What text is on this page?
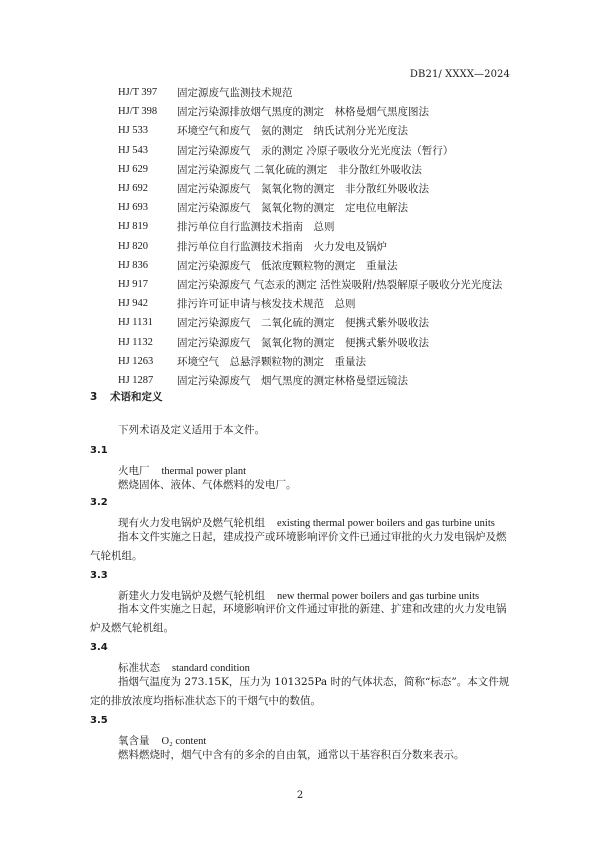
DB21/ XXXX—2024
HJ/T 397	固定源废气监测技术规范
HJ/T 398	固定污染源排放烟气黑度的测定　林格曼烟气黑度图法
HJ 533	环境空气和废气　氨的测定　纳氏试剂分光光度法
HJ 543	固定污染源废气　汞的测定 冷原子吸收分光光度法（暂行）
HJ 629	固定污染源废气 二氧化硫的测定　非分散红外吸收法
HJ 692	固定污染源废气　氮氧化物的测定　非分散红外吸收法
HJ 693	固定污染源废气　氮氧化物的测定　定电位电解法
HJ 819	排污单位自行监测技术指南　总则
HJ 820	排污单位自行监测技术指南　火力发电及锅炉
HJ 836	固定污染源废气　低浓度颗粒物的测定　重量法
HJ 917	固定污染源废气 气态汞的测定 活性炭吸附/热裂解原子吸收分光光度法
HJ 942	排污许可证申请与核发技术规范　总则
HJ 1131	固定污染源废气　二氧化硫的测定　便携式紫外吸收法
HJ 1132	固定污染源废气　氮氧化物的测定　便携式紫外吸收法
HJ 1263	环境空气　总悬浮颗粒物的测定　重量法
HJ 1287	固定污染源废气　烟气黑度的测定林格曼望远镜法
3 术语和定义
下列术语及定义适用于本文件。
3.1
火电厂 thermal power plant
燃烧固体、液体、气体燃料的发电厂。
3.2
现有火力发电锅炉及燃气轮机组 existing thermal power boilers and gas turbine units
指本文件实施之日起，建成投产或环境影响评价文件已通过审批的火力发电锅炉及燃气轮机组。
3.3
新建火力发电锅炉及燃气轮机组 new thermal power boilers and gas turbine units
指本文件实施之日起，环境影响评价文件通过审批的新建、扩建和改建的火力发电锅炉及燃气轮机组。
3.4
标准状态 standard condition
指烟气温度为 273.15K，压力为 101325Pa 时的气体状态，简称“标态”。本文件规定的排放浓度均指标准状态下的干烟气中的数值。
3.5
氧含量 O₂ content
燃料燃烧时，烟气中含有的多余的自由氧，通常以干基容积百分数来表示。
2
